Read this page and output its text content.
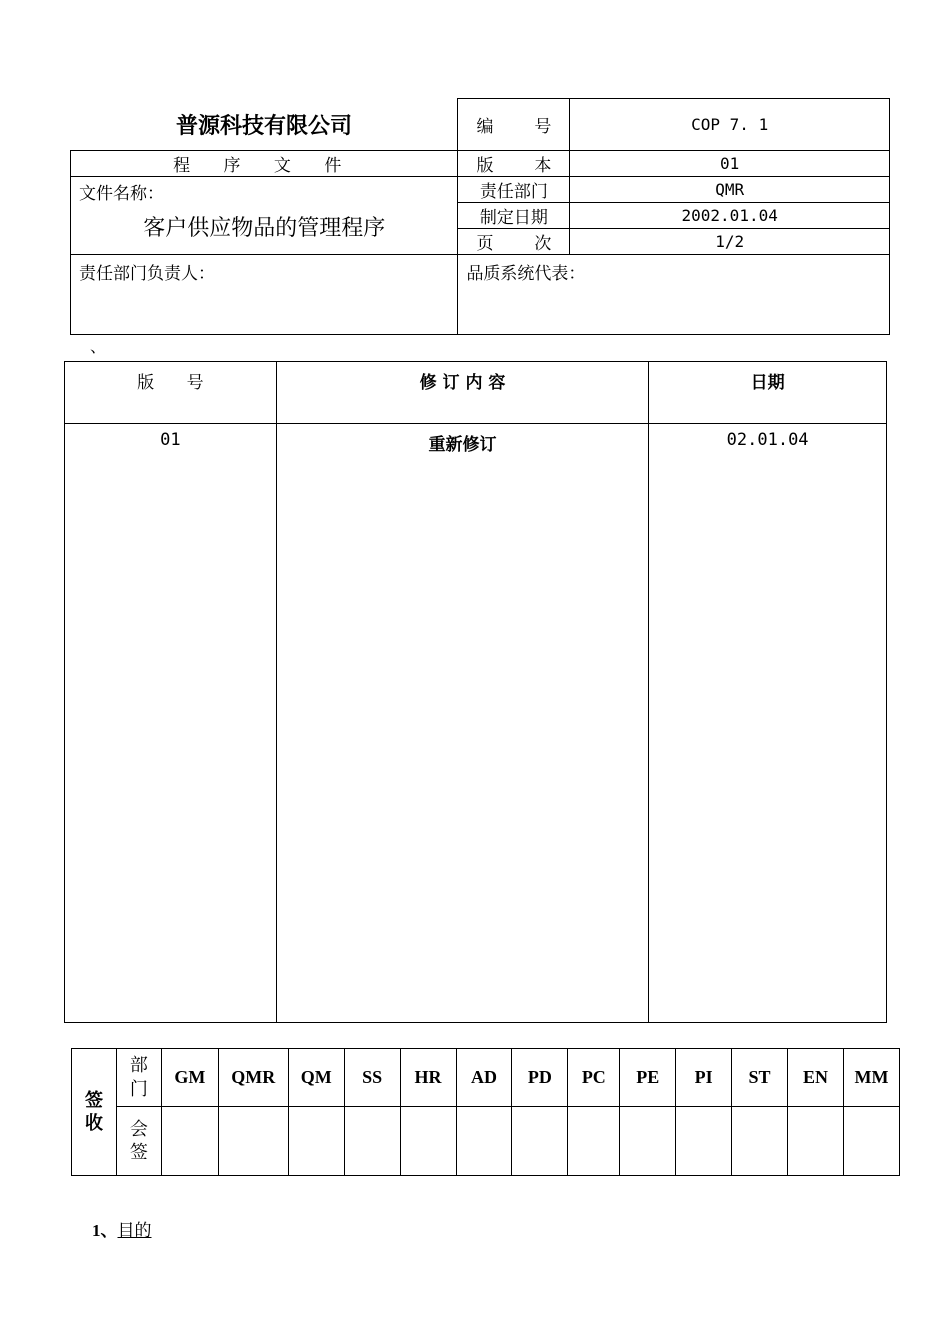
普源科技有限公司	编 号	COP 7. 1
程 序 文 件	版 本	01

文件名称：
客户供应物品的管理程序	责任部门	QMR
	制定日期	2002.01.04

	页 次	1/2

责任部门负责人：	品质系统代表：	
、
版      号	修 订 内 容	日期
01	重新修订	02.01.04
签收	部门	GM	QMR	QM	SS	HR	AD	PD	PC	PE	PI	ST	EN	MM

	会签													

1、目的
